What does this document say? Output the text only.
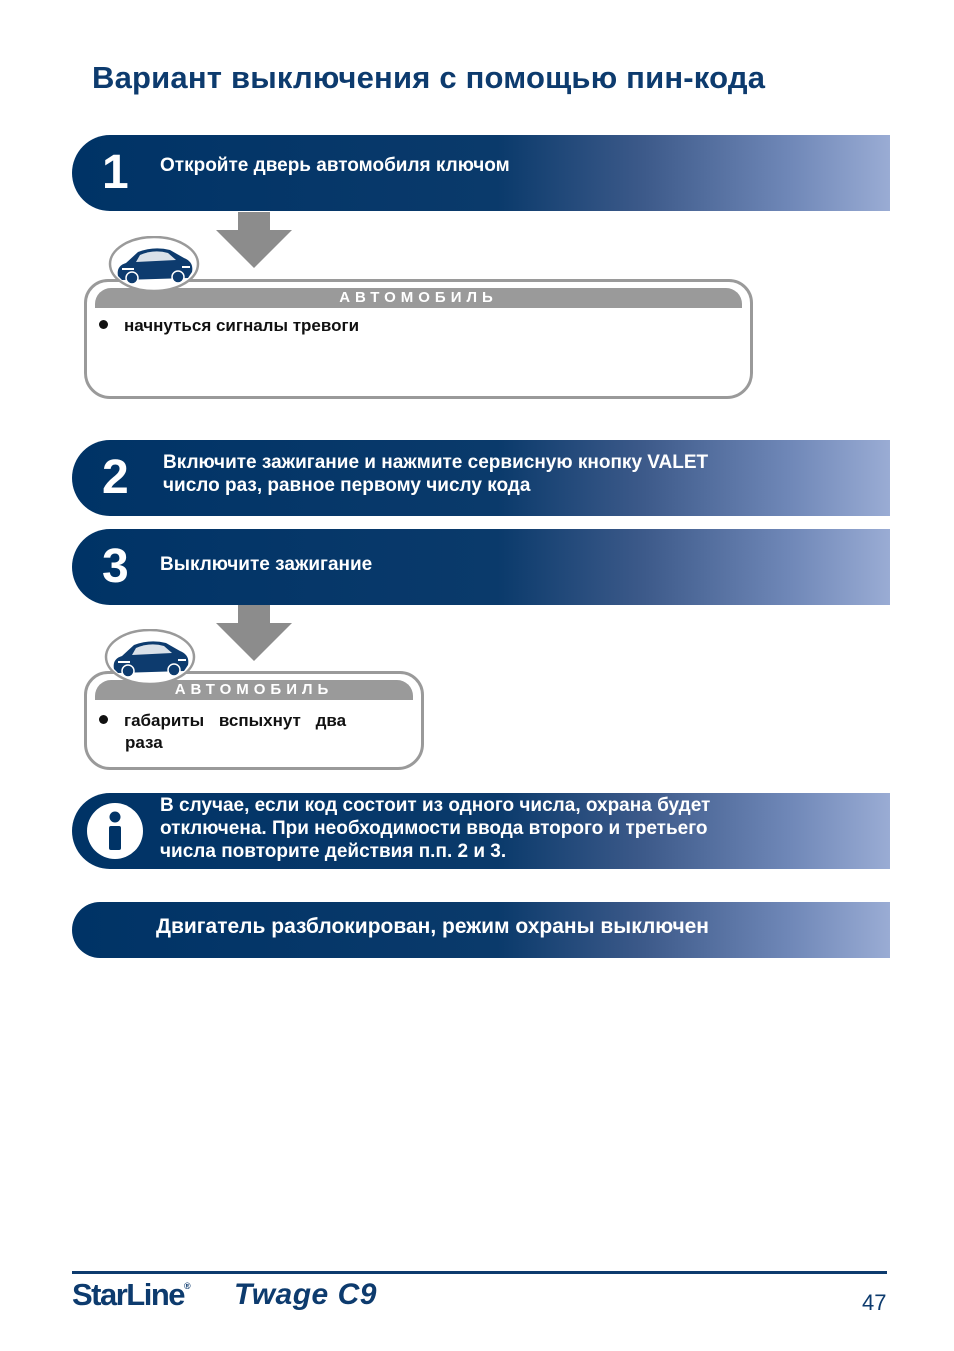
Вариант выключения с помощью пин-кода
1 Откройте дверь автомобиля ключом
АВТОМОБИЛЬ
начнуться сигналы тревоги
2 Включите зажигание и нажмите сервисную кнопку VALET
число раз, равное первому числу кода
3 Выключите зажигание
АВТОМОБИЛЬ
габариты вспыхнут два
раза
В случае, если код состоит из одного числа, охрана будет
отключена. При необходимости ввода второго и третьего
числа повторите действия п.п. 2 и 3.
Двигатель разблокирован, режим охраны выключен
StarLine® Twage C9	47
